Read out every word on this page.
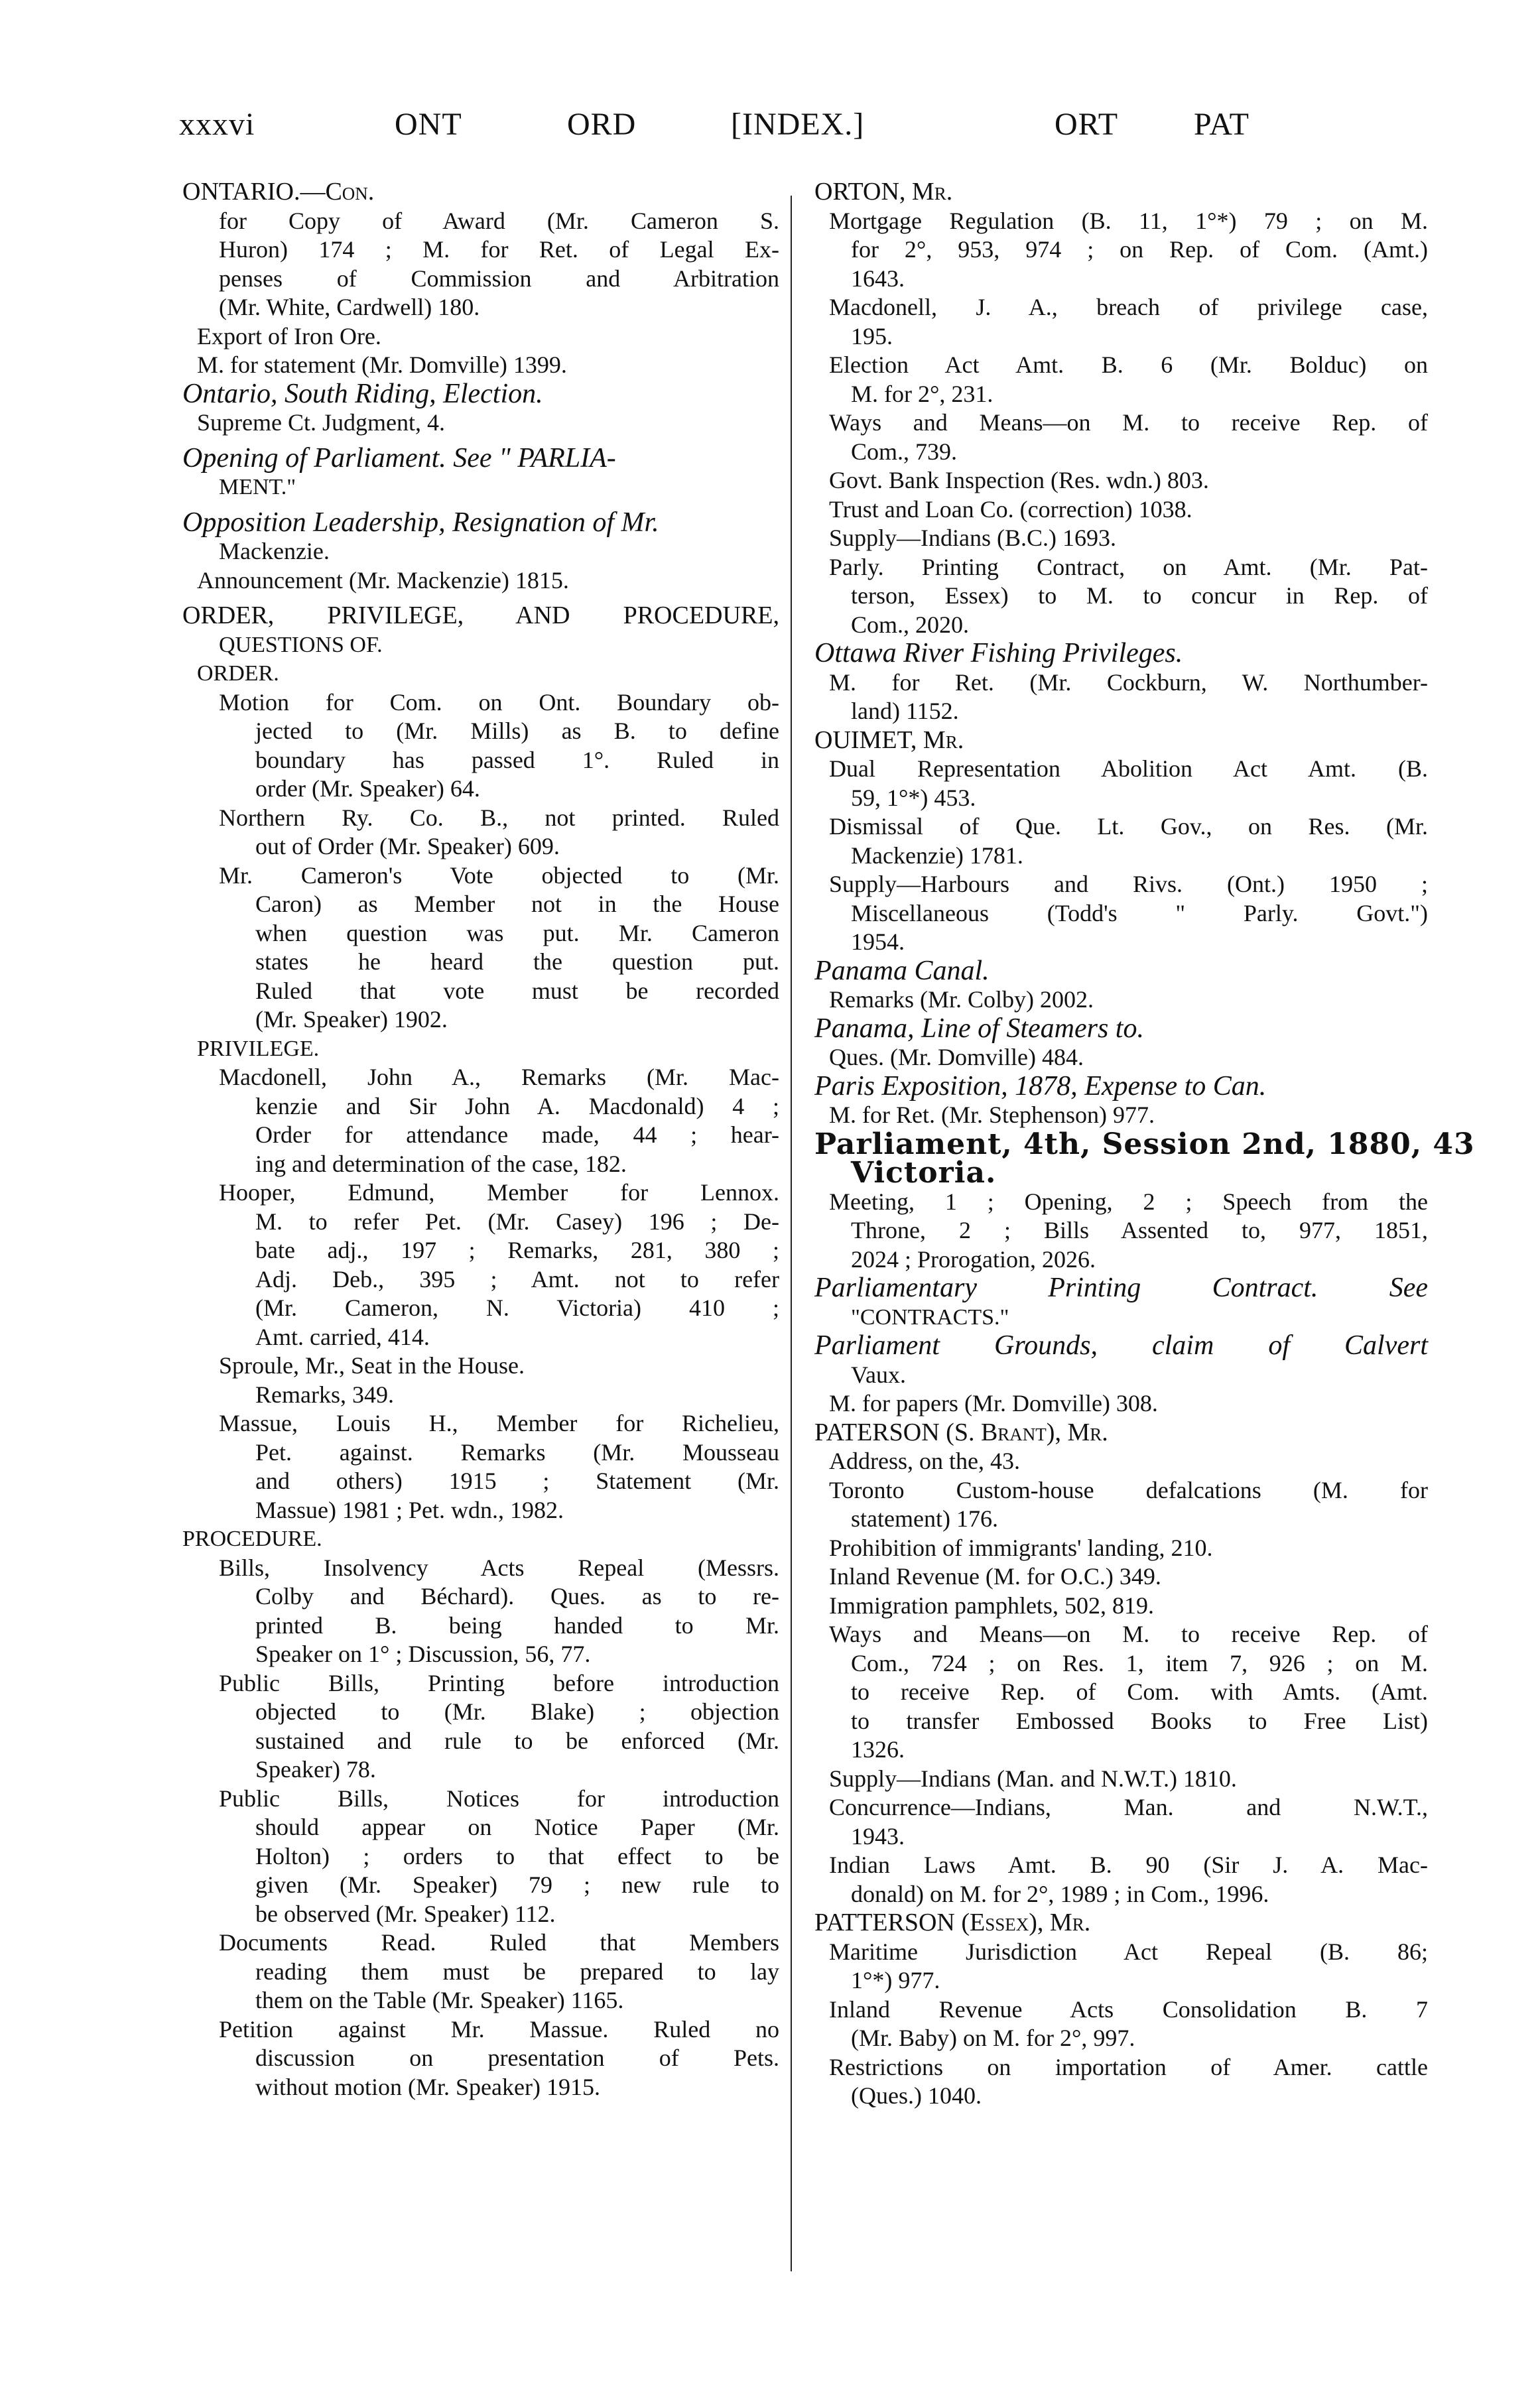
xxxvi	ONT	ORD	[INDEX.]	ORT PAT
ONTARIO.—Con.
for Copy of Award (Mr. Cameron S.
Huron) 174 ; M. for Ret. of Legal Ex-
penses of Commission and Arbitration
(Mr. White, Cardwell) 180.
Export of Iron Ore.
M. for statement (Mr. Domville) 1399.
Ontario, South Riding, Election.
Supreme Ct. Judgment, 4.
Opening of Parliament. See " PARLIA-
MENT."
Opposition Leadership, Resignation of Mr.
Mackenzie.
Announcement (Mr. Mackenzie) 1815.
ORDER, PRIVILEGE, AND PROCEDURE,
QUESTIONS OF.
ORDER.
Motion for Com. on Ont. Boundary ob-
jected to (Mr. Mills) as B. to define
boundary has passed 1°. Ruled in
order (Mr. Speaker) 64.
Northern Ry. Co. B., not printed. Ruled
out of Order (Mr. Speaker) 609.
Mr. Cameron's Vote objected to (Mr.
Caron) as Member not in the House
when question was put. Mr. Cameron
states he heard the question put.
Ruled that vote must be recorded
(Mr. Speaker) 1902.
PRIVILEGE.
Macdonell, John A., Remarks (Mr. Mac-
kenzie and Sir John A. Macdonald) 4 ;
Order for attendance made, 44 ; hear-
ing and determination of the case, 182.
Hooper, Edmund, Member for Lennox.
M. to refer Pet. (Mr. Casey) 196 ; De-
bate adj., 197 ; Remarks, 281, 380 ;
Adj. Deb., 395 ; Amt. not to refer
(Mr. Cameron, N. Victoria) 410 ;
Amt. carried, 414.
Sproule, Mr., Seat in the House.
Remarks, 349.
Massue, Louis H., Member for Richelieu,
Pet. against. Remarks (Mr. Mousseau
and others) 1915 ; Statement (Mr.
Massue) 1981 ; Pet. wdn., 1982.
PROCEDURE.
Bills, Insolvency Acts Repeal (Messrs.
Colby and Béchard). Ques. as to re-
printed B. being handed to Mr.
Speaker on 1° ; Discussion, 56, 77.
Public Bills, Printing before introduction
objected to (Mr. Blake) ; objection
sustained and rule to be enforced (Mr.
Speaker) 78.
Public Bills, Notices for introduction
should appear on Notice Paper (Mr.
Holton) ; orders to that effect to be
given (Mr. Speaker) 79 ; new rule to
be observed (Mr. Speaker) 112.
Documents Read. Ruled that Members
reading them must be prepared to lay
them on the Table (Mr. Speaker) 1165.
Petition against Mr. Massue. Ruled no
discussion on presentation of Pets.
without motion (Mr. Speaker) 1915.
ORTON, Mr.
Mortgage Regulation (B. 11, 1°*) 79 ; on M.
for 2°, 953, 974 ; on Rep. of Com. (Amt.)
1643.
Macdonell, J. A., breach of privilege case,
195.
Election Act Amt. B. 6 (Mr. Bolduc) on
M. for 2°, 231.
Ways and Means—on M. to receive Rep. of
Com., 739.
Govt. Bank Inspection (Res. wdn.) 803.
Trust and Loan Co. (correction) 1038.
Supply—Indians (B.C.) 1693.
Parly. Printing Contract, on Amt. (Mr. Pat-
terson, Essex) to M. to concur in Rep. of
Com., 2020.
Ottawa River Fishing Privileges.
M. for Ret. (Mr. Cockburn, W. Northumber-
land) 1152.
OUIMET, Mr.
Dual Representation Abolition Act Amt. (B.
59, 1°*) 453.
Dismissal of Que. Lt. Gov., on Res. (Mr.
Mackenzie) 1781.
Supply—Harbours and Rivs. (Ont.) 1950 ;
Miscellaneous (Todd's " Parly. Govt.")
1954.
Panama Canal.
Remarks (Mr. Colby) 2002.
Panama, Line of Steamers to.
Ques. (Mr. Domville) 484.
Paris Exposition, 1878, Expense to Can.
M. for Ret. (Mr. Stephenson) 977.
Parliament, 4th, Session 2nd, 1880, 43
Victoria.
Meeting, 1 ; Opening, 2 ; Speech from the
Throne, 2 ; Bills Assented to, 977, 1851,
2024 ; Prorogation, 2026.
Parliamentary Printing Contract. See
"CONTRACTS."
Parliament Grounds, claim of Calvert
Vaux.
M. for papers (Mr. Domville) 308.
PATERSON (S. Brant), Mr.
Address, on the, 43.
Toronto Custom-house defalcations (M. for
statement) 176.
Prohibition of immigrants' landing, 210.
Inland Revenue (M. for O.C.) 349.
Immigration pamphlets, 502, 819.
Ways and Means—on M. to receive Rep. of
Com., 724 ; on Res. 1, item 7, 926 ; on M.
to receive Rep. of Com. with Amts. (Amt.
to transfer Embossed Books to Free List)
1326.
Supply—Indians (Man. and N.W.T.) 1810.
Concurrence—Indians, Man. and N.W.T.,
1943.
Indian Laws Amt. B. 90 (Sir J. A. Mac-
donald) on M. for 2°, 1989 ; in Com., 1996.
PATTERSON (Essex), Mr.
Maritime Jurisdiction Act Repeal (B. 86;
1°*) 977.
Inland Revenue Acts Consolidation B. 7
(Mr. Baby) on M. for 2°, 997.
Restrictions on importation of Amer. cattle
(Ques.) 1040.
